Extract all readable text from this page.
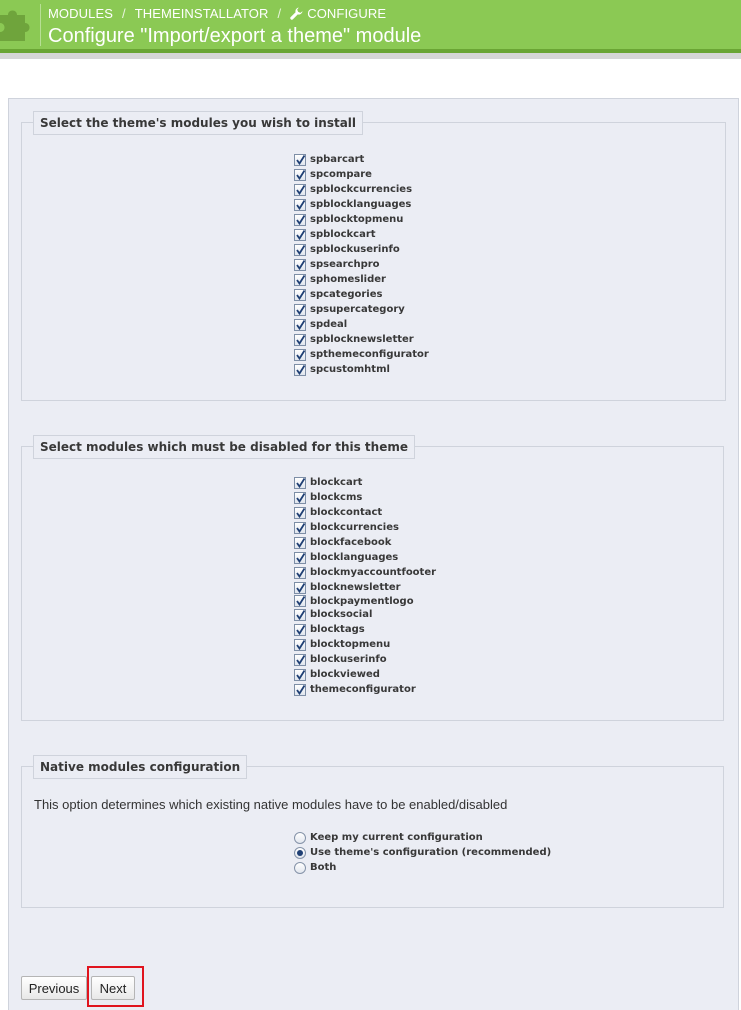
MODULES / THEMEINSTALLATOR / CONFIGURE
Configure "Import/export a theme" module
Select the theme's modules you wish to install
spbarcart
spcompare
spblockcurrencies
spblocklanguages
spblocktopmenu
spblockcart
spblockuserinfo
spsearchpro
sphomeslider
spcategories
spsupercategory
spdeal
spblocknewsletter
spthemeconfigurator
spcustomhtml
Select modules which must be disabled for this theme
blockcart
blockcms
blockcontact
blockcurrencies
blockfacebook
blocklanguages
blockmyaccountfooter
blocknewsletter
blockpaymentlogo
blocksocial
blocktags
blocktopmenu
blockuserinfo
blockviewed
themeconfigurator
Native modules configuration
This option determines which existing native modules have to be enabled/disabled
Keep my current configuration
Use theme's configuration (recommended)
Both
Previous	Next
